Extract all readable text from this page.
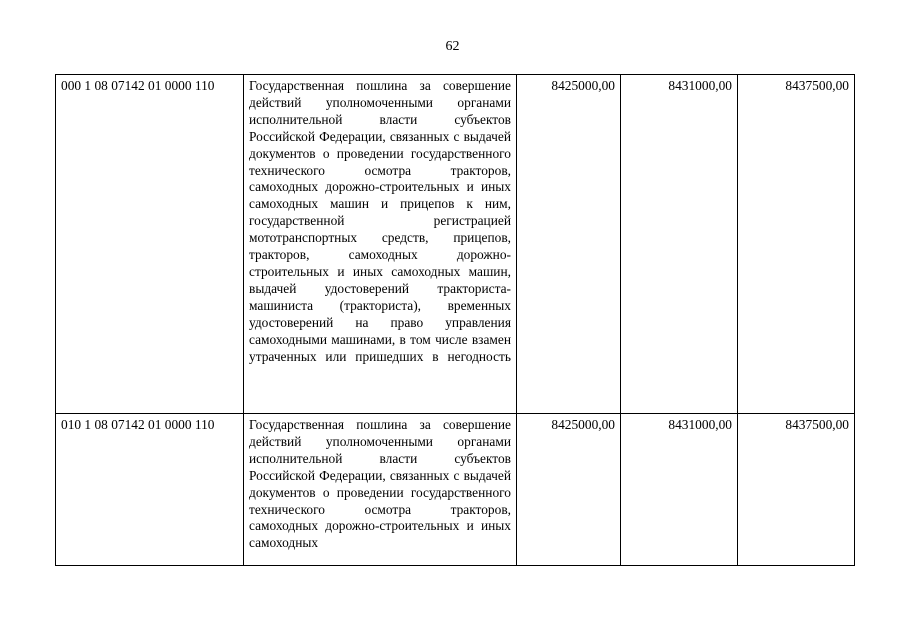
62
000 1 08 07142 01 0000 110	Государственная пошлина за совершение действий уполномоченными органами исполнительной власти субъектов Российской Федерации, связанных с выдачей документов о проведении государственного технического осмотра тракторов, самоходных дорожно-строительных и иных самоходных машин и прицепов к ним, государственной регистрацией мототранспортных средств, прицепов, тракторов, самоходных дорожно-строительных и иных самоходных машин, выдачей удостоверений тракториста-машиниста (тракториста), временных удостоверений на право управления самоходными машинами, в том числе взамен утраченных или пришедших в негодность	8425000,00	8431000,00	8437500,00
010 1 08 07142 01 0000 110	Государственная пошлина за совершение действий уполномоченными органами исполнительной власти субъектов Российской Федерации, связанных с выдачей документов о проведении государственного технического осмотра тракторов, самоходных дорожно-строительных и иных самоходных	8425000,00	8431000,00	8437500,00
